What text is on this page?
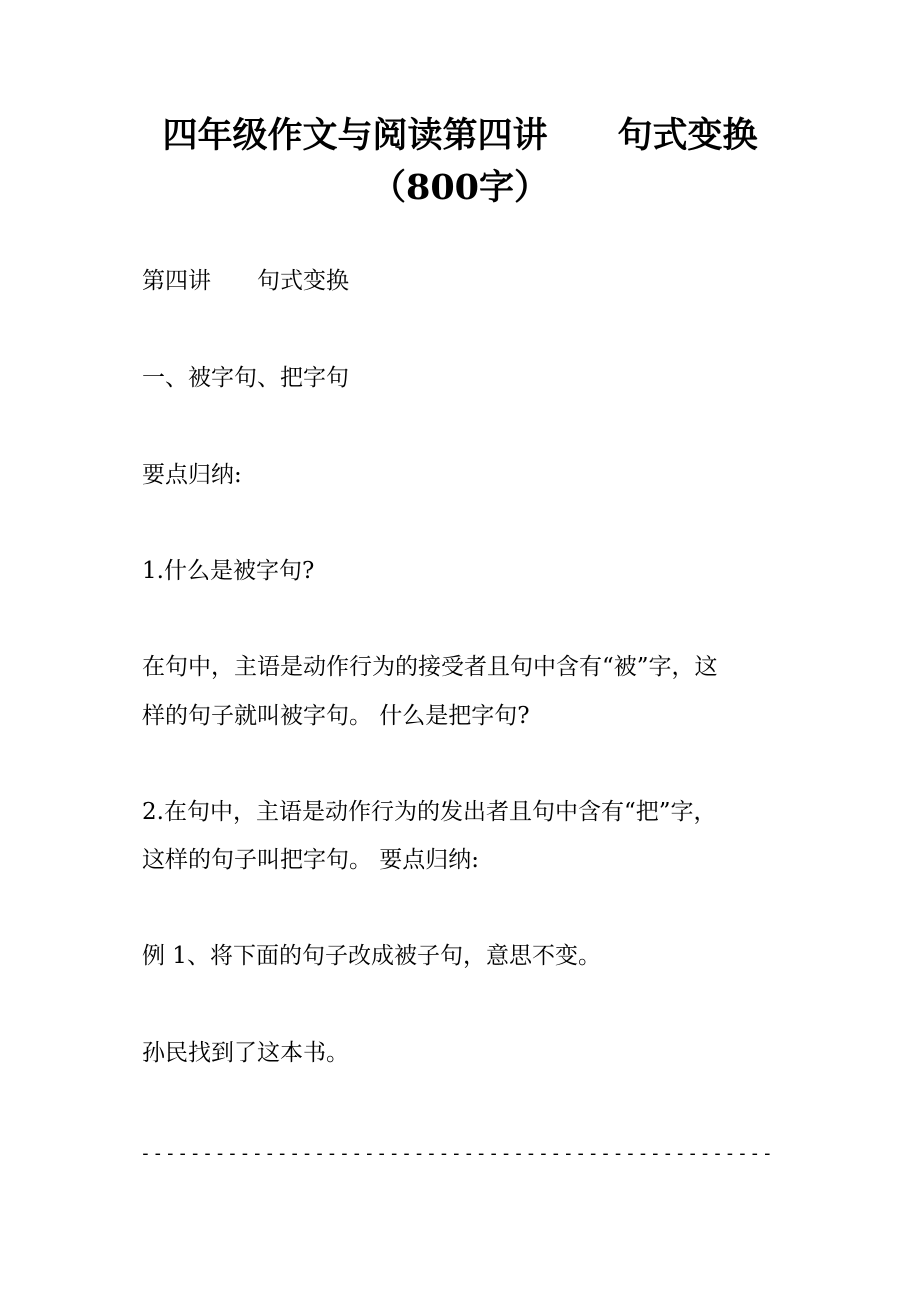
四年级作文与阅读第四讲　　句式变换（800字）

第四讲　　句式变换

一、被字句、把字句

要点归纳:

1.什么是被字句?

在句中，主语是动作行为的接受者且句中含有“被”字，这

样的句子就叫被字句。 什么是把字句?

2.在句中，主语是动作行为的发出者且句中含有“把”字，

这样的句子叫把字句。 要点归纳:

例 1、将下面的句子改成被子句，意思不变。

孙民找到了这本书。

---------------------------------------------------
